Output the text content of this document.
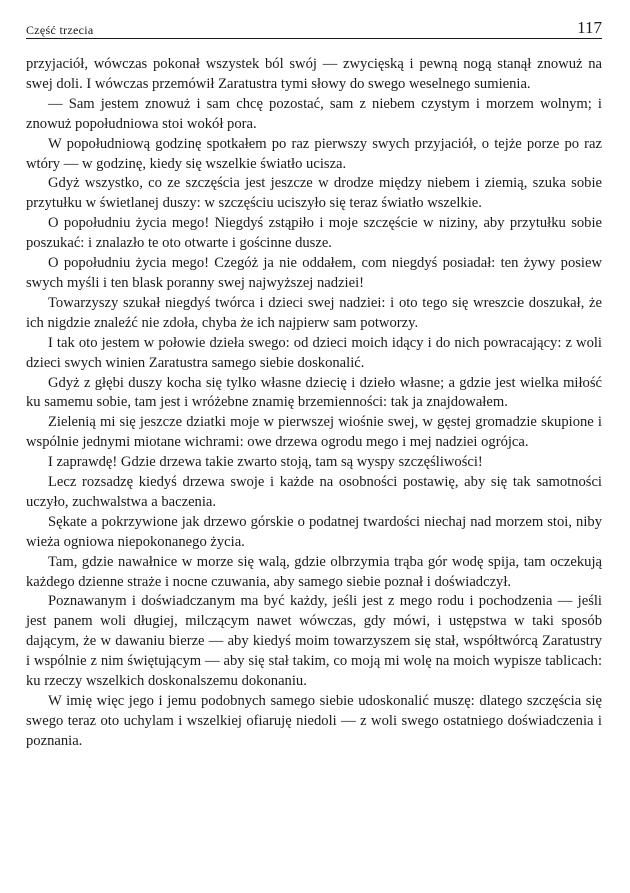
Część trzecia	117

przyjaciół, wówczas pokonał wszystek ból swój — zwycięską i pewną nogą stanął znowuż na swej doli. I wówczas przemówił Zaratustra tymi słowy do swego weselnego sumienia.

— Sam jestem znowuż i sam chcę pozostać, sam z niebem czystym i morzem wolnym; i znowuż popołudniowa stoi wokół pora.

W popołudniową godzinę spotkałem po raz pierwszy swych przyjaciół, o tejże porze po raz wtóry — w godzinę, kiedy się wszelkie światło ucisza.

Gdyż wszystko, co ze szczęścia jest jeszcze w drodze między niebem i ziemią, szuka sobie przytułku w świetlanej duszy: w szczęściu uciszyło się teraz światło wszelkie.

O popołudniu życia mego! Niegdyś zstąpiło i moje szczęście w niziny, aby przytułku sobie poszukać: i znalazło te oto otwarte i gościnne dusze.

O popołudniu życia mego! Czegóż ja nie oddałem, com niegdyś posiadał: ten żywy posiew swych myśli i ten blask poranny swej najwyższej nadziei!

Towarzyszy szukał niegdyś twórca i dzieci swej nadziei: i oto tego się wreszcie doszukał, że ich nigdzie znaleźć nie zdoła, chyba że ich najpierw sam potworzy.

I tak oto jestem w połowie dzieła swego: od dzieci moich idący i do nich powracający: z woli dzieci swych winien Zaratustra samego siebie doskonalić.

Gdyż z głębi duszy kocha się tylko własne dziecię i dzieło własne; a gdzie jest wielka miłość ku samemu sobie, tam jest i wróżebne znamię brzemienności: tak ja znajdowałem.

Zielenią mi się jeszcze dziatki moje w pierwszej wiośnie swej, w gęstej gromadzie skupione i wspólnie jednymi miotane wichrami: owe drzewa ogrodu mego i mej nadziei ogrójca.

I zaprawdę! Gdzie drzewa takie zwarto stoją, tam są wyspy szczęśliwości!

Lecz rozsadzę kiedyś drzewa swoje i każde na osobności postawię, aby się tak samotności uczyło, zuchwalstwa a baczenia.

Sękate a pokrzywione jak drzewo górskie o podatnej twardości niechaj nad morzem stoi, niby wieża ogniowa niepokonanego życia.

Tam, gdzie nawałnice w morze się walą, gdzie olbrzymia trąba gór wodę spija, tam oczekują każdego dzienne straże i nocne czuwania, aby samego siebie poznał i doświadczył.

Poznawanym i doświadczanym ma być każdy, jeśli jest z mego rodu i pochodzenia — jeśli jest panem woli długiej, milczącym nawet wówczas, gdy mówi, i ustępstwa w taki sposób dającym, że w dawaniu bierze — aby kiedyś moim towarzyszem się stał, współtwórcą Zaratustry i wspólnie z nim świętującym — aby się stał takim, co moją mi wolę na moich wypisze tablicach: ku rzeczy wszelkich doskonalszemu dokonaniu.

W imię więc jego i jemu podobnych samego siebie udoskonalić muszę: dlatego szczęścia się swego teraz oto uchylam i wszelkiej ofiaruję niedoli — z woli swego ostatniego doświadczenia i poznania.
